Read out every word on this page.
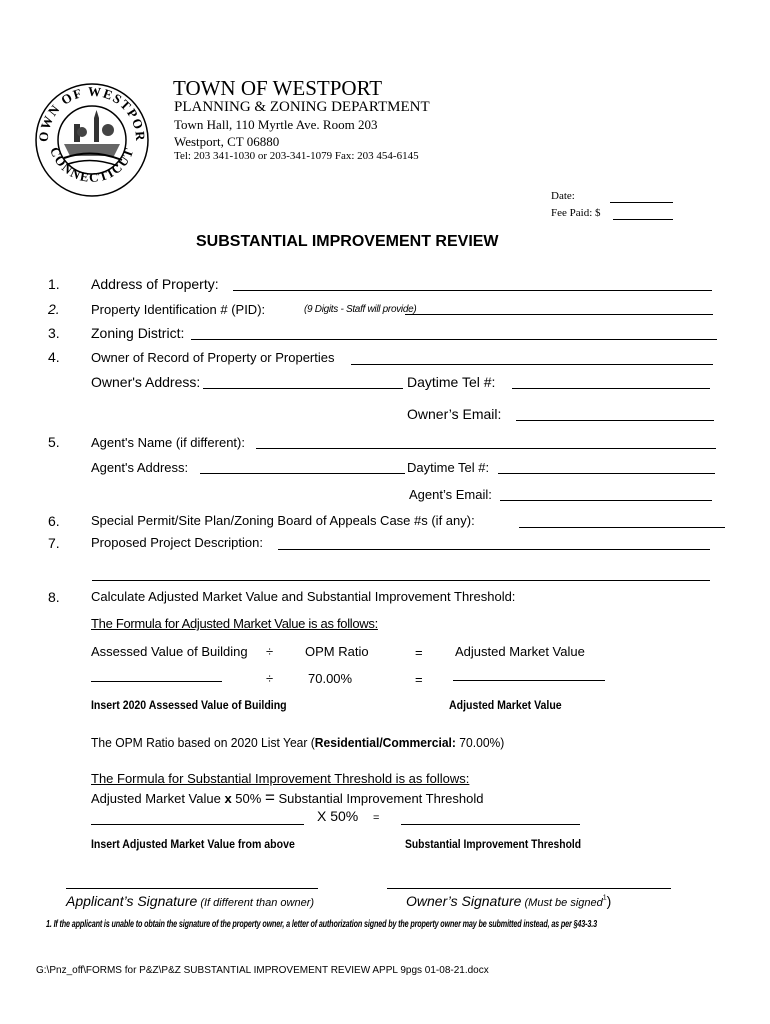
OWN OF WESTPOR
CONNECTICUT
TOWN OF WESTPORT
PLANNING & ZONING DEPARTMENT
Town Hall, 110 Myrtle Ave. Room 203
Westport, CT 06880
Tel: 203 341-1030 or 203-341-1079 Fax: 203 454-6145
Date:
Fee Paid: $
SUBSTANTIAL IMPROVEMENT REVIEW
1. Address of Property:
2. Property Identification # (PID):	(9 Digits - Staff will provide)
3. Zoning District:
4. Owner of Record of Property or Properties
Owner's Address:	Daytime Tel #:
Owner’s Email:
5. Agent's Name (if different):
Agent's Address:	Daytime Tel #:
Agent’s Email:
6. Special Permit/Site Plan/Zoning Board of Appeals Case #s (if any):
7. Proposed Project Description:
8. Calculate Adjusted Market Value and Substantial Improvement Threshold:
The Formula for Adjusted Market Value is as follows:
Assessed Value of Building ÷ OPM Ratio	= Adjusted Market Value
÷	70.00%	=
Insert 2020 Assessed Value of Building	Adjusted Market Value
The OPM Ratio based on 2020 List Year (Residential/Commercial: 70.00%)
The Formula for Substantial Improvement Threshold is as follows:
Adjusted Market Value x 50% = Substantial Improvement Threshold
X 50% =
Insert Adjusted Market Value from above	Substantial Improvement Threshold
Applicant’s Signature (If different than owner)	Owner’s Signature (Must be signed$^1$)
1. If the applicant is unable to obtain the signature of the property owner, a letter of authorization signed by the property owner may be submitted instead, as per §43-3.3
G:\Pnz_off\FORMS for P&Z\P&Z SUBSTANTIAL IMPROVEMENT REVIEW APPL 9pgs 01-08-21.docx
